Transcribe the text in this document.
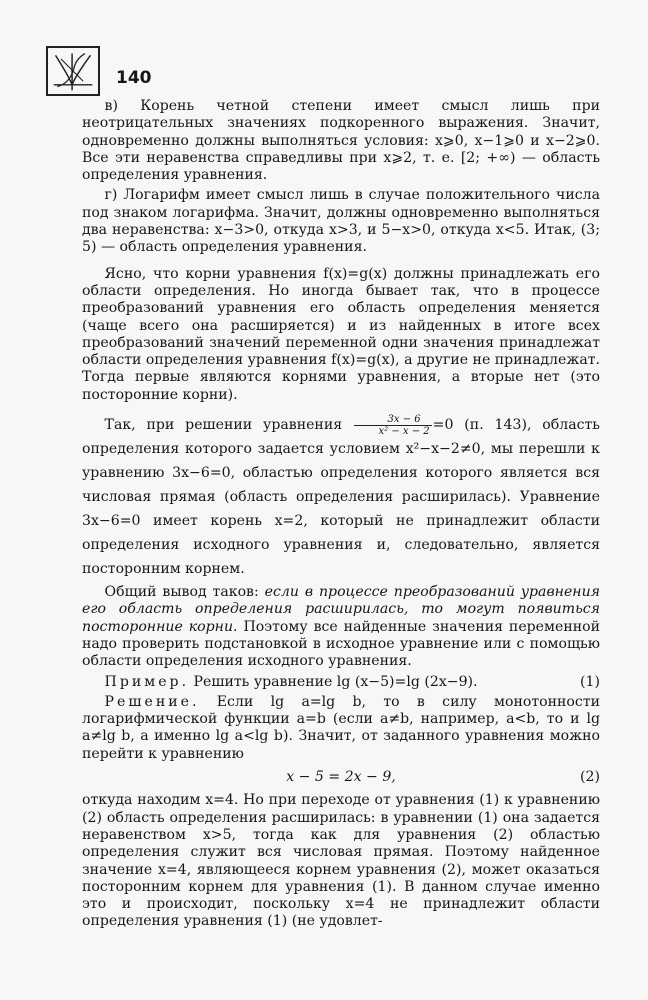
140

в) Корень четной степени имеет смысл лишь при неотрицательных значениях подкоренного выражения. Значит, одновременно должны выполняться условия: x⩾0, x−1⩾0 и x−2⩾0. Все эти неравенства справедливы при x⩾2, т. е. [2; +∞) — область определения уравнения.

г) Логарифм имеет смысл лишь в случае положительного числа под знаком логарифма. Значит, должны одновременно выполняться два неравенства: x−3>0, откуда x>3, и 5−x>0, откуда x<5. Итак, (3; 5) — область определения уравнения.

Ясно, что корни уравнения f(x)=g(x) должны принадлежать его области определения. Но иногда бывает так, что в процессе преобразований уравнения его область определения меняется (чаще всего она расширяется) и из найденных в итоге всех преобразований значений переменной одни значения принадлежат области определения уравнения f(x)=g(x), а другие не принадлежат. Тогда первые являются корнями уравнения, а вторые нет (это посторонние корни).

Так, при решении уравнения $\frac{3x - 6}{\text{x² − x − 2}} =0$ (п. 143), область определения которого задается условием x²−x−2≠0, мы перешли к уравнению 3x−6=0, областью определения которого является вся числовая прямая (область определения расширилась). Уравнение 3x−6=0 имеет корень x=2, который не принадлежит области определения исходного уравнения и, следовательно, является посторонним корнем.

Общий вывод таков: если в процессе преобразований уравнения его область определения расширилась, то могут появиться посторонние корни. Поэтому все найденные значения переменной надо проверить подстановкой в исходное уравнение или с помощью области определения исходного уравнения.

Пример. Решить уравнение lg (x−5)=lg (2x−9).	(1)

Решение. Если lg a=lg b, то в силу монотонности логарифмической функции a=b (если a≠b, например, a<b, то и lg a≠lg b, а именно lg a<lg b). Значит, от заданного уравнения можно перейти к уравнению

x − 5 = 2x − 9,	(2)

откуда находим x=4. Но при переходе от уравнения (1) к уравнению (2) область определения расширилась: в уравнении (1) она задается неравенством x>5, тогда как для уравнения (2) областью определения служит вся числовая прямая. Поэтому найденное значение x=4, являющееся корнем уравнения (2), может оказаться посторонним корнем для уравнения (1). В данном случае именно это и происходит, поскольку x=4 не принадлежит области определения уравнения (1) (не удовлет-
